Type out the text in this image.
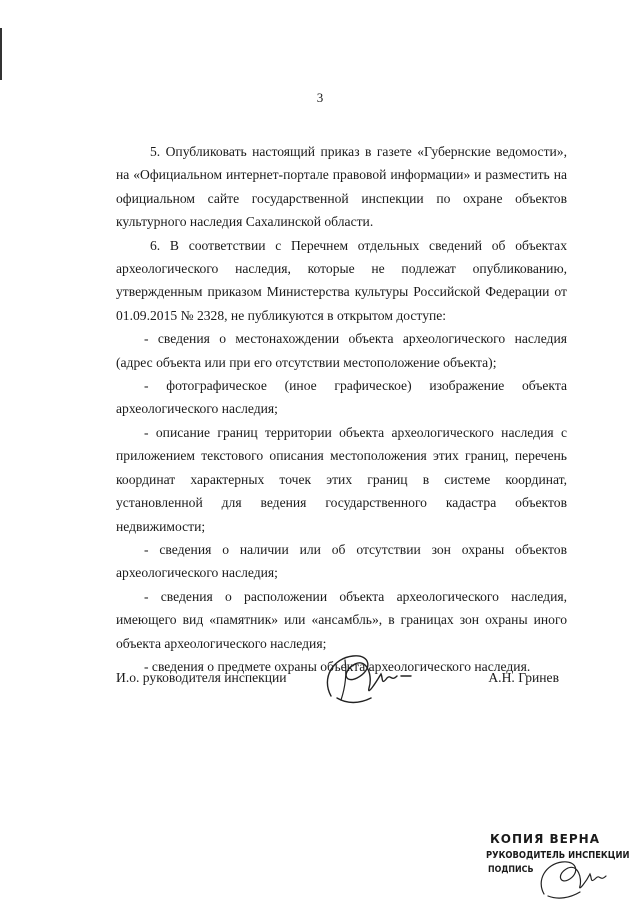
3

5. Опубликовать настоящий приказ в газете «Губернские ведомости», на «Официальном интернет-портале правовой информации» и разместить на официальном сайте государственной инспекции по охране объектов культурного наследия Сахалинской области.

6. В соответствии с Перечнем отдельных сведений об объектах археологического наследия, которые не подлежат опубликованию, утвержденным приказом Министерства культуры Российской Федерации от 01.09.2015 № 2328, не публикуются в открытом доступе:

- сведения о местонахождении объекта археологического наследия (адрес объекта или при его отсутствии местоположение объекта);

- фотографическое (иное графическое) изображение объекта археологического наследия;

- описание границ территории объекта археологического наследия с приложением текстового описания местоположения этих границ, перечень координат характерных точек этих границ в системе координат, установленной для ведения государственного кадастра объектов недвижимости;

- сведения о наличии или об отсутствии зон охраны объектов археологического наследия;

- сведения о расположении объекта археологического наследия, имеющего вид «памятник» или «ансамбль», в границах зон охраны иного объекта археологического наследия;

- сведения о предмете охраны объекта археологического наследия.

И.о. руководителя инспекции	А.Н. Гринев
КОПИЯ ВЕРНА
РУКОВОДИТЕЛЬ ИНСПЕКЦИИ
ПОДПИСЬ
